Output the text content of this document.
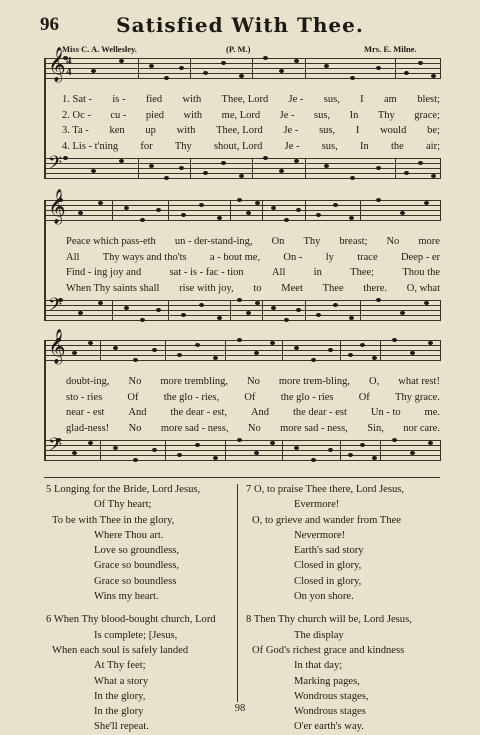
96	Satisfied With Thee.
Miss C. A. Wellesley.	(P. M.)	Mrs. E. Milne.
𝄞
𝄢
1. Sat - is - fied with Thee, Lord Je - sus, I am blest;
2. Oc - cu - pied with me, Lord Je - sus, In Thy grace;
3. Ta - ken up with Thee, Lord Je - sus, I would be;
4. Lis - t'ning for Thy shout, Lord Je - sus, In the air;
𝄞
𝄢
Peace which pass-eth un - der-stand-ing, On Thy breast; No more
All Thy ways and tho'ts a - bout me, On - ly trace Deep - er
Find - ing joy and	sat - is - fac - tion	All	in	Thee;	Thou the
When Thy saints shall rise with joy, to Meet Thee there. O, what
𝄞
𝄢
doubt-ing, No more trembling, No more trem-bling, O, what rest!
sto - ries Of the glo - ries, Of the glo - ries Of Thy grace.
near - est And the dear - est, And the dear - est Un - to me.
glad-ness! No more sad - ness, No more sad - ness, Sin, nor care.
4
4
5 Longing for the Bride, Lord Jesus,
Of Thy heart;
To be with Thee in the glory,
Where Thou art.
Love so groundless,
Grace so boundless,
Grace so boundless
Wins my heart.
6 When Thy blood-bought church, Lord
Is complete; [Jesus,
When each soul is safely landed
At Thy feet;
What a story
In the glory,
In the glory
She'll repeat.
7 O, to praise Thee there, Lord Jesus,
Evermore!
O, to grieve and wander from Thee
Nevermore!
Earth's sad story
Closed in glory,
Closed in glory,
On yon shore.
8 Then Thy church will be, Lord Jesus,
The display
Of God's richest grace and kindness
In that day;
Marking pages,
Wondrous stages,
Wondrous stages
O'er earth's way.
98
